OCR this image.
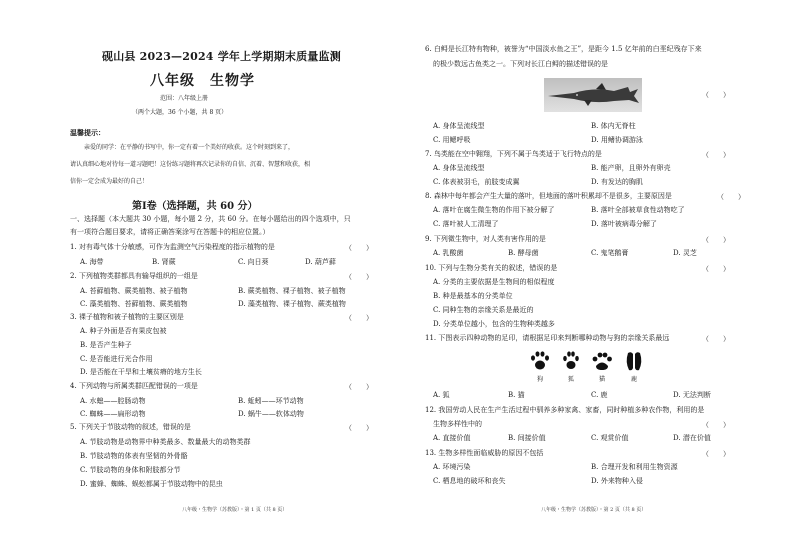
砚山县 2023—2024 学年上学期期末质量监测
八年级　生物学
范围：八年级上册
（两个大题，36 个小题，共 8 页）
温馨提示：
亲爱的同学：在平静的书写中，你一定有着一个美好的收获。这个时刻到来了，
请认真细心地对待每一道习题吧！这份练习题将再次记录你的自信、沉着、智慧和收获，相
信你一定会成为最好的自己！
第Ⅰ卷（选择题，共 60 分）
一、选择题（本大题共 30 小题，每小题 2 分，共 60 分。在每小题给出的四个选项中，只
有一项符合题目要求，请将正确答案涂写在答题卡的相应位置。）
1. 对有毒气体十分敏感，可作为监测空气污染程度的指示植物的是	（　　）
A. 海带	B. 肾蕨	C. 向日葵	D. 葫芦藓
2. 下列植物类群都具有输导组织的一组是	（　　）
A. 苔藓植物、蕨类植物、被子植物	B. 蕨类植物、裸子植物、被子植物
C. 藻类植物、苔藓植物、蕨类植物	D. 藻类植物、裸子植物、蕨类植物
3. 裸子植物和被子植物的主要区别是	（　　）
A. 种子外面是否有果皮包被
B. 是否产生种子
C. 是否能进行光合作用
D. 是否能在干旱和土壤贫瘠的地方生长
4. 下列动物与所属类群匹配错误的一项是	（　　）
A. 水螅——腔肠动物	B. 蚯蚓——环节动物
C. 蜘蛛——扁形动物	D. 蜗牛——软体动物
5. 下列关于节肢动物的叙述，错误的是	（　　）
A. 节肢动物是动物界中种类最多、数量最大的动物类群
B. 节肢动物的体表有坚韧的外骨骼
C. 节肢动物的身体和附肢都分节
D. 蜜蜂、蜘蛛、蜈蚣都属于节肢动物中的昆虫
八年级・生物学（苏教版）・第 1 页（共 8 页）
6. 白鲟是长江特有物种，被誉为“中国淡水鱼之王”，是距今 1.5 亿年前的白垩纪残存下来
的极少数远古鱼类之一。下列对长江白鲟的描述错误的是
（　　）
A. 身体呈流线型	B. 体内无脊柱
C. 用鳃呼吸	D. 用鳍协调游泳
7. 鸟类能在空中翱翔，下列不属于鸟类适于飞行特点的是	（　　）
A. 身体呈流线型	B. 能产卵，且卵外有卵壳
C. 体表被羽毛，前肢变成翼	D. 有发达的胸肌
8. 森林中每年都会产生大量的落叶，但地面的落叶积累却不是很多，主要原因是	（　　）
A. 落叶在腐生微生物的作用下被分解了	B. 落叶全部被草食性动物吃了
C. 落叶被人工清理了	D. 落叶被病毒分解了
9. 下列微生物中，对人类有害作用的是	（　　）
A. 乳酸菌	B. 酵母菌	C. 鬼笔鹅膏	D. 灵芝
10. 下列与生物分类有关的叙述，错误的是	（　　）
A. 分类的主要依据是生物间的相似程度
B. 种是最基本的分类单位
C. 同种生物的亲缘关系是最近的
D. 分类单位越小，包含的生物种类越多
11. 下图表示四种动物的足印，请根据足印来判断哪种动物与狗的亲缘关系最远	（　　）
狗	狐	猫	鹿
A. 狐	B. 猫	C. 鹿	D. 无法判断
12. 我国劳动人民在生产生活过程中驯养多种家禽、家畜，同时种植多种农作物，利用的是
生物多样性中的	（　　）
A. 直接价值	B. 间接价值	C. 观赏价值	D. 潜在价值
13. 生物多样性面临威胁的原因不包括	（　　）
A. 环境污染	B. 合理开发和利用生物资源
C. 栖息地的破坏和丧失	D. 外来物种入侵
八年级・生物学（苏教版）・第 2 页（共 8 页）
